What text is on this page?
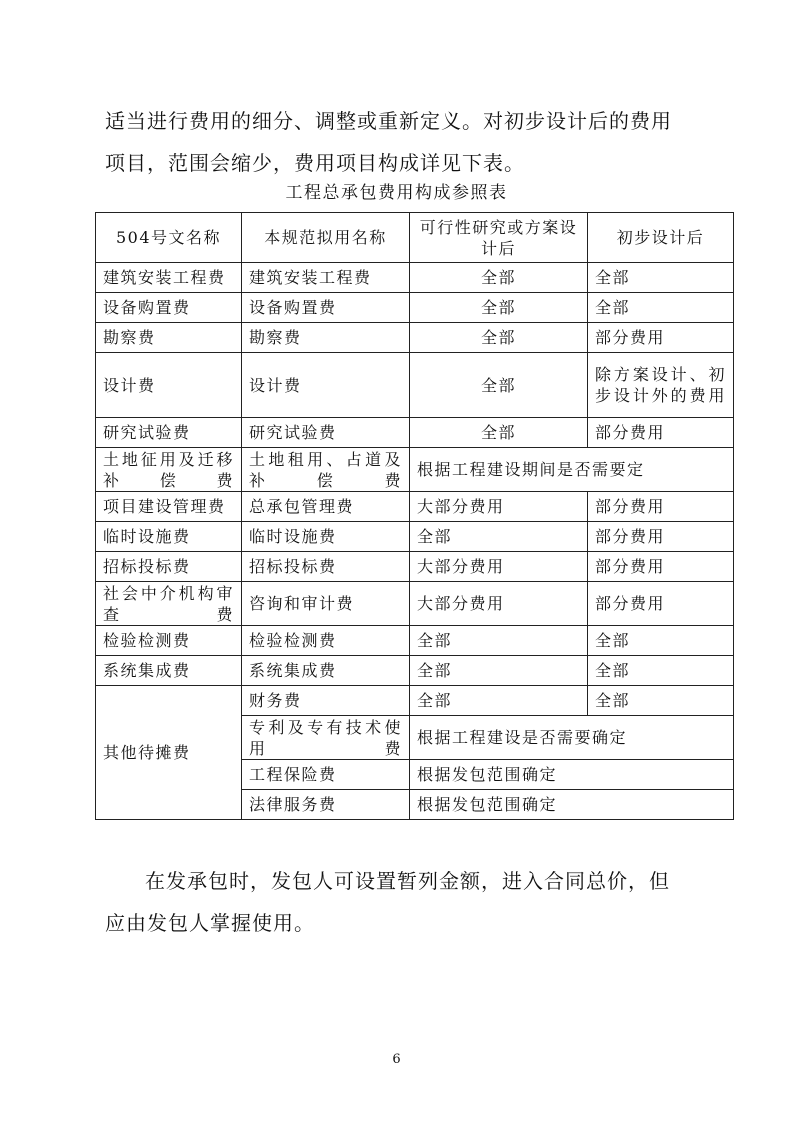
适当进行费用的细分、调整或重新定义。对初步设计后的费用
项目，范围会缩少，费用项目构成详见下表。
工程总承包费用构成参照表
504号文名称	本规范拟用名称	可行性研究或方案设计后	初步设计后
建筑安装工程费	建筑安装工程费	全部	全部
设备购置费	设备购置费	全部	全部
勘察费	勘察费	全部	部分费用
设计费	设计费	全部	除方案设计、初步设计外的费用
研究试验费	研究试验费	全部	部分费用
土地征用及迁移补偿费	土地租用、占道及补偿费	根据工程建设期间是否需要定	
项目建设管理费	总承包管理费	大部分费用	部分费用
临时设施费	临时设施费	全部	部分费用
招标投标费	招标投标费	大部分费用	部分费用
社会中介机构审查费	咨询和审计费	大部分费用	部分费用
检验检测费	检验检测费	全部	全部
系统集成费	系统集成费	全部	全部
其他待摊费	财务费	全部	全部
	专利及专有技术使用费	根据工程建设是否需要确定	
	工程保险费	根据发包范围确定	
	法律服务费	根据发包范围确定	
在发承包时，发包人可设置暂列金额，进入合同总价，但
应由发包人掌握使用。
6
